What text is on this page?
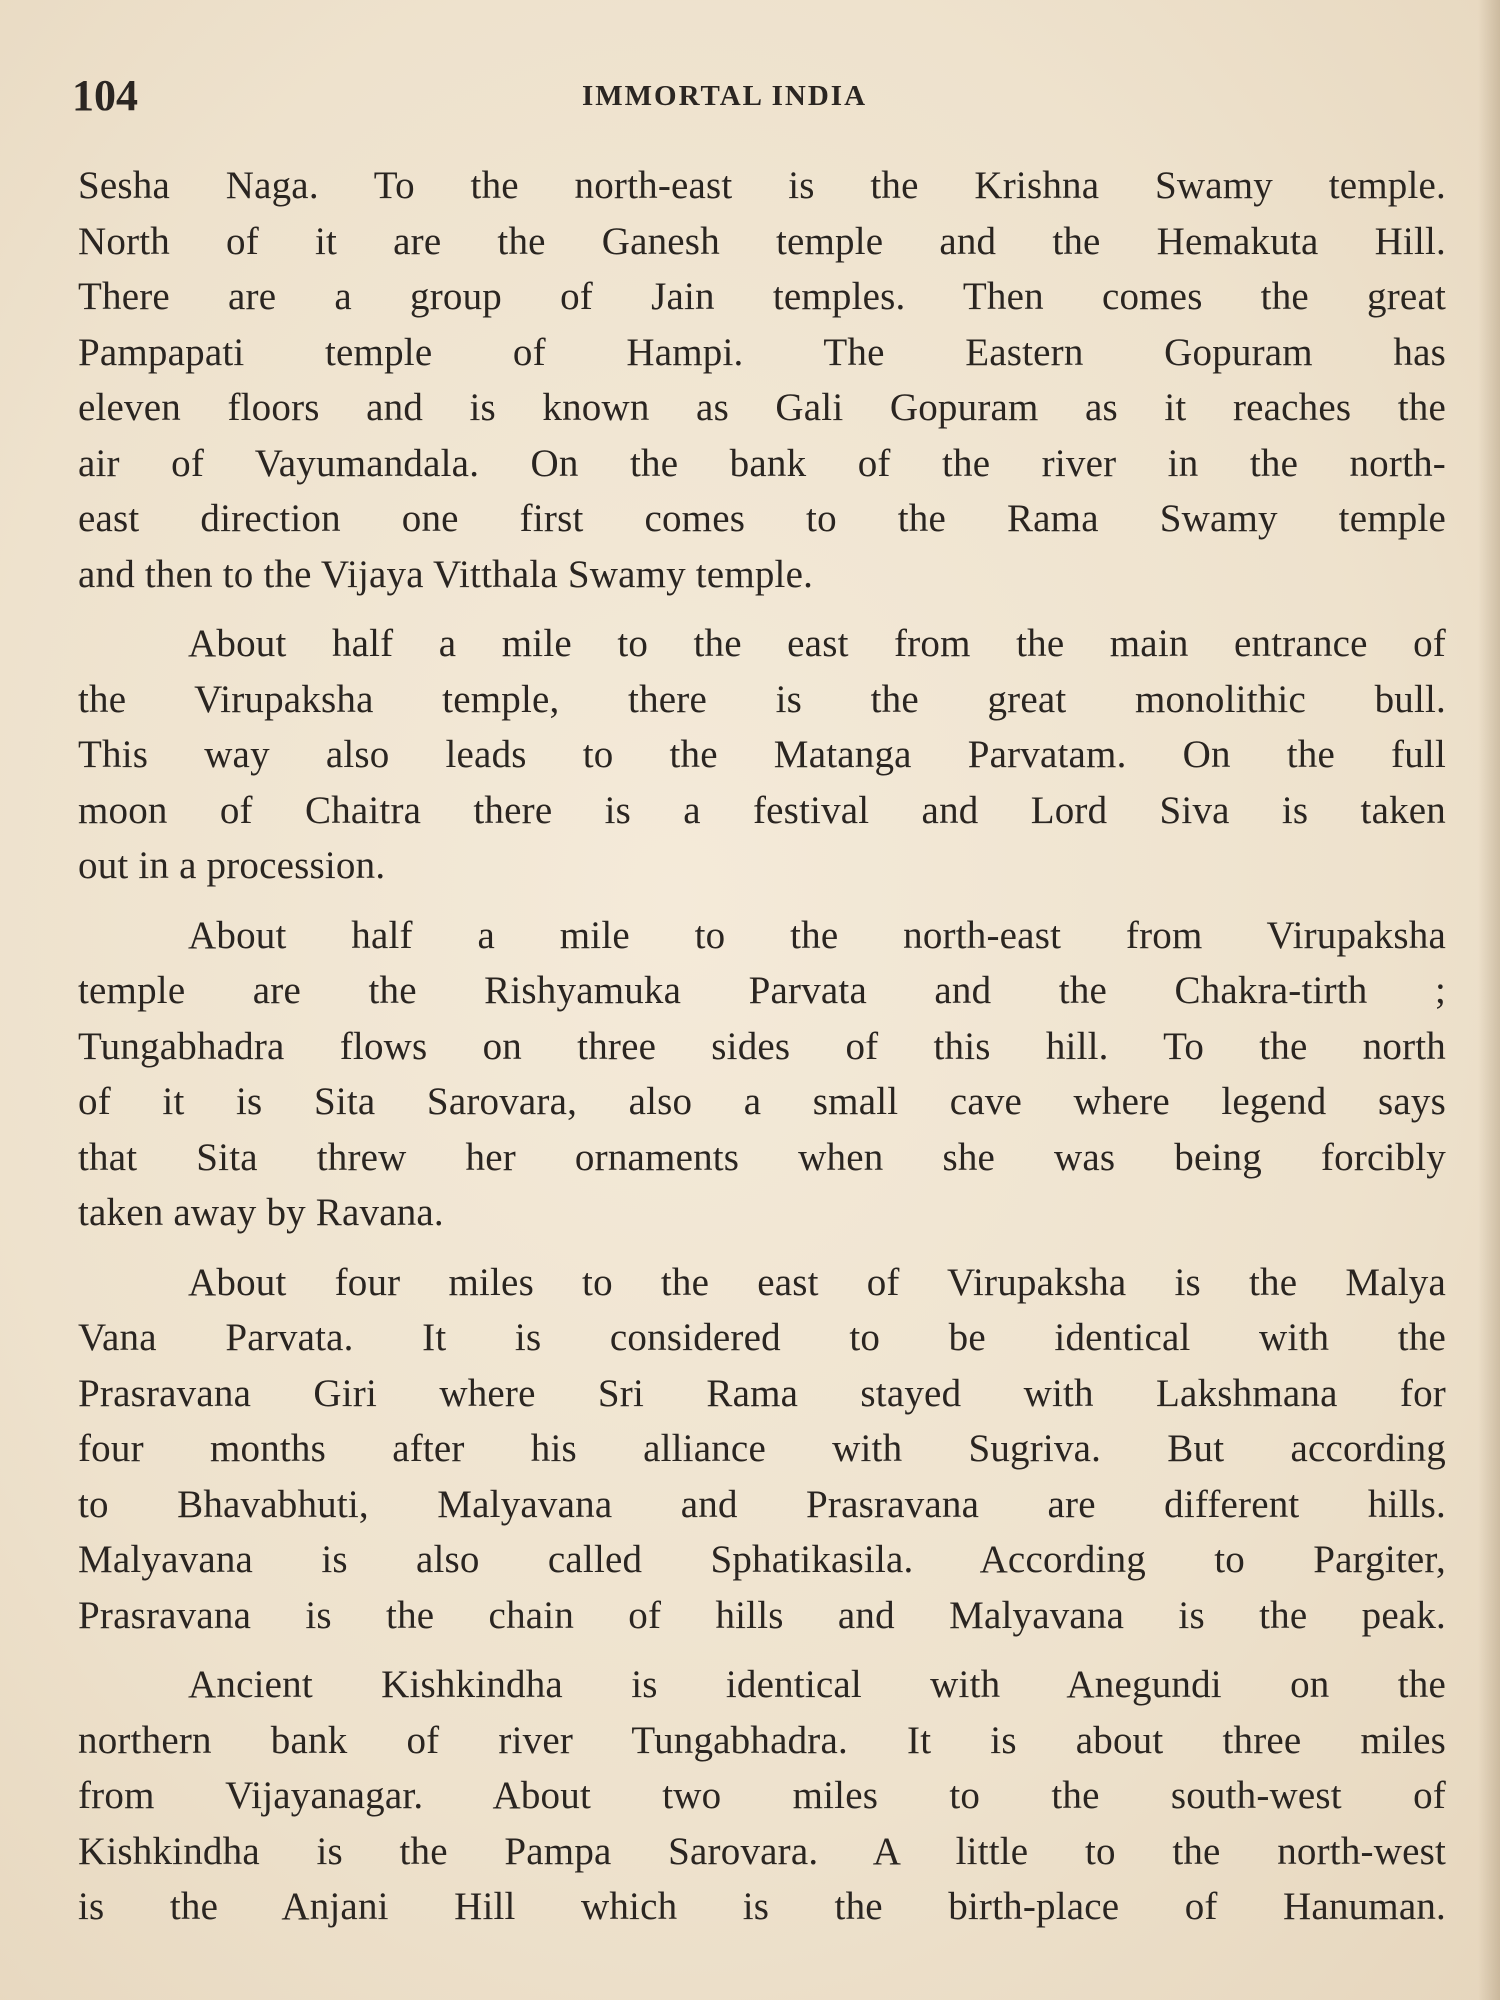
104	IMMORTAL INDIA
Sesha Naga. To the north-east is the Krishna Swamy temple.
North of it are the Ganesh temple and the Hemakuta Hill.
There are a group of Jain temples. Then comes the great
Pampapati temple of Hampi. The Eastern Gopuram has
eleven floors and is known as Gali Gopuram as it reaches the
air of Vayumandala. On the bank of the river in the north-
east direction one first comes to the Rama Swamy temple
and then to the Vijaya Vitthala Swamy temple.
About half a mile to the east from the main entrance of
the Virupaksha temple, there is the great monolithic bull.
This way also leads to the Matanga Parvatam. On the full
moon of Chaitra there is a festival and Lord Siva is taken
out in a procession.
About half a mile to the north-east from Virupaksha
temple are the Rishyamuka Parvata and the Chakra-tirth ;
Tungabhadra flows on three sides of this hill. To the north
of it is Sita Sarovara, also a small cave where legend says
that Sita threw her ornaments when she was being forcibly
taken away by Ravana.
About four miles to the east of Virupaksha is the Malya
Vana Parvata. It is considered to be identical with the
Prasravana Giri where Sri Rama stayed with Lakshmana for
four months after his alliance with Sugriva. But according
to Bhavabhuti, Malyavana and Prasravana are different hills.
Malyavana is also called Sphatikasila. According to Pargiter,
Prasravana is the chain of hills and Malyavana is the peak.
Ancient Kishkindha is identical with Anegundi on the
northern bank of river Tungabhadra. It is about three miles
from Vijayanagar. About two miles to the south-west of
Kishkindha is the Pampa Sarovara. A little to the north-west
is the Anjani Hill which is the birth-place of Hanuman.
